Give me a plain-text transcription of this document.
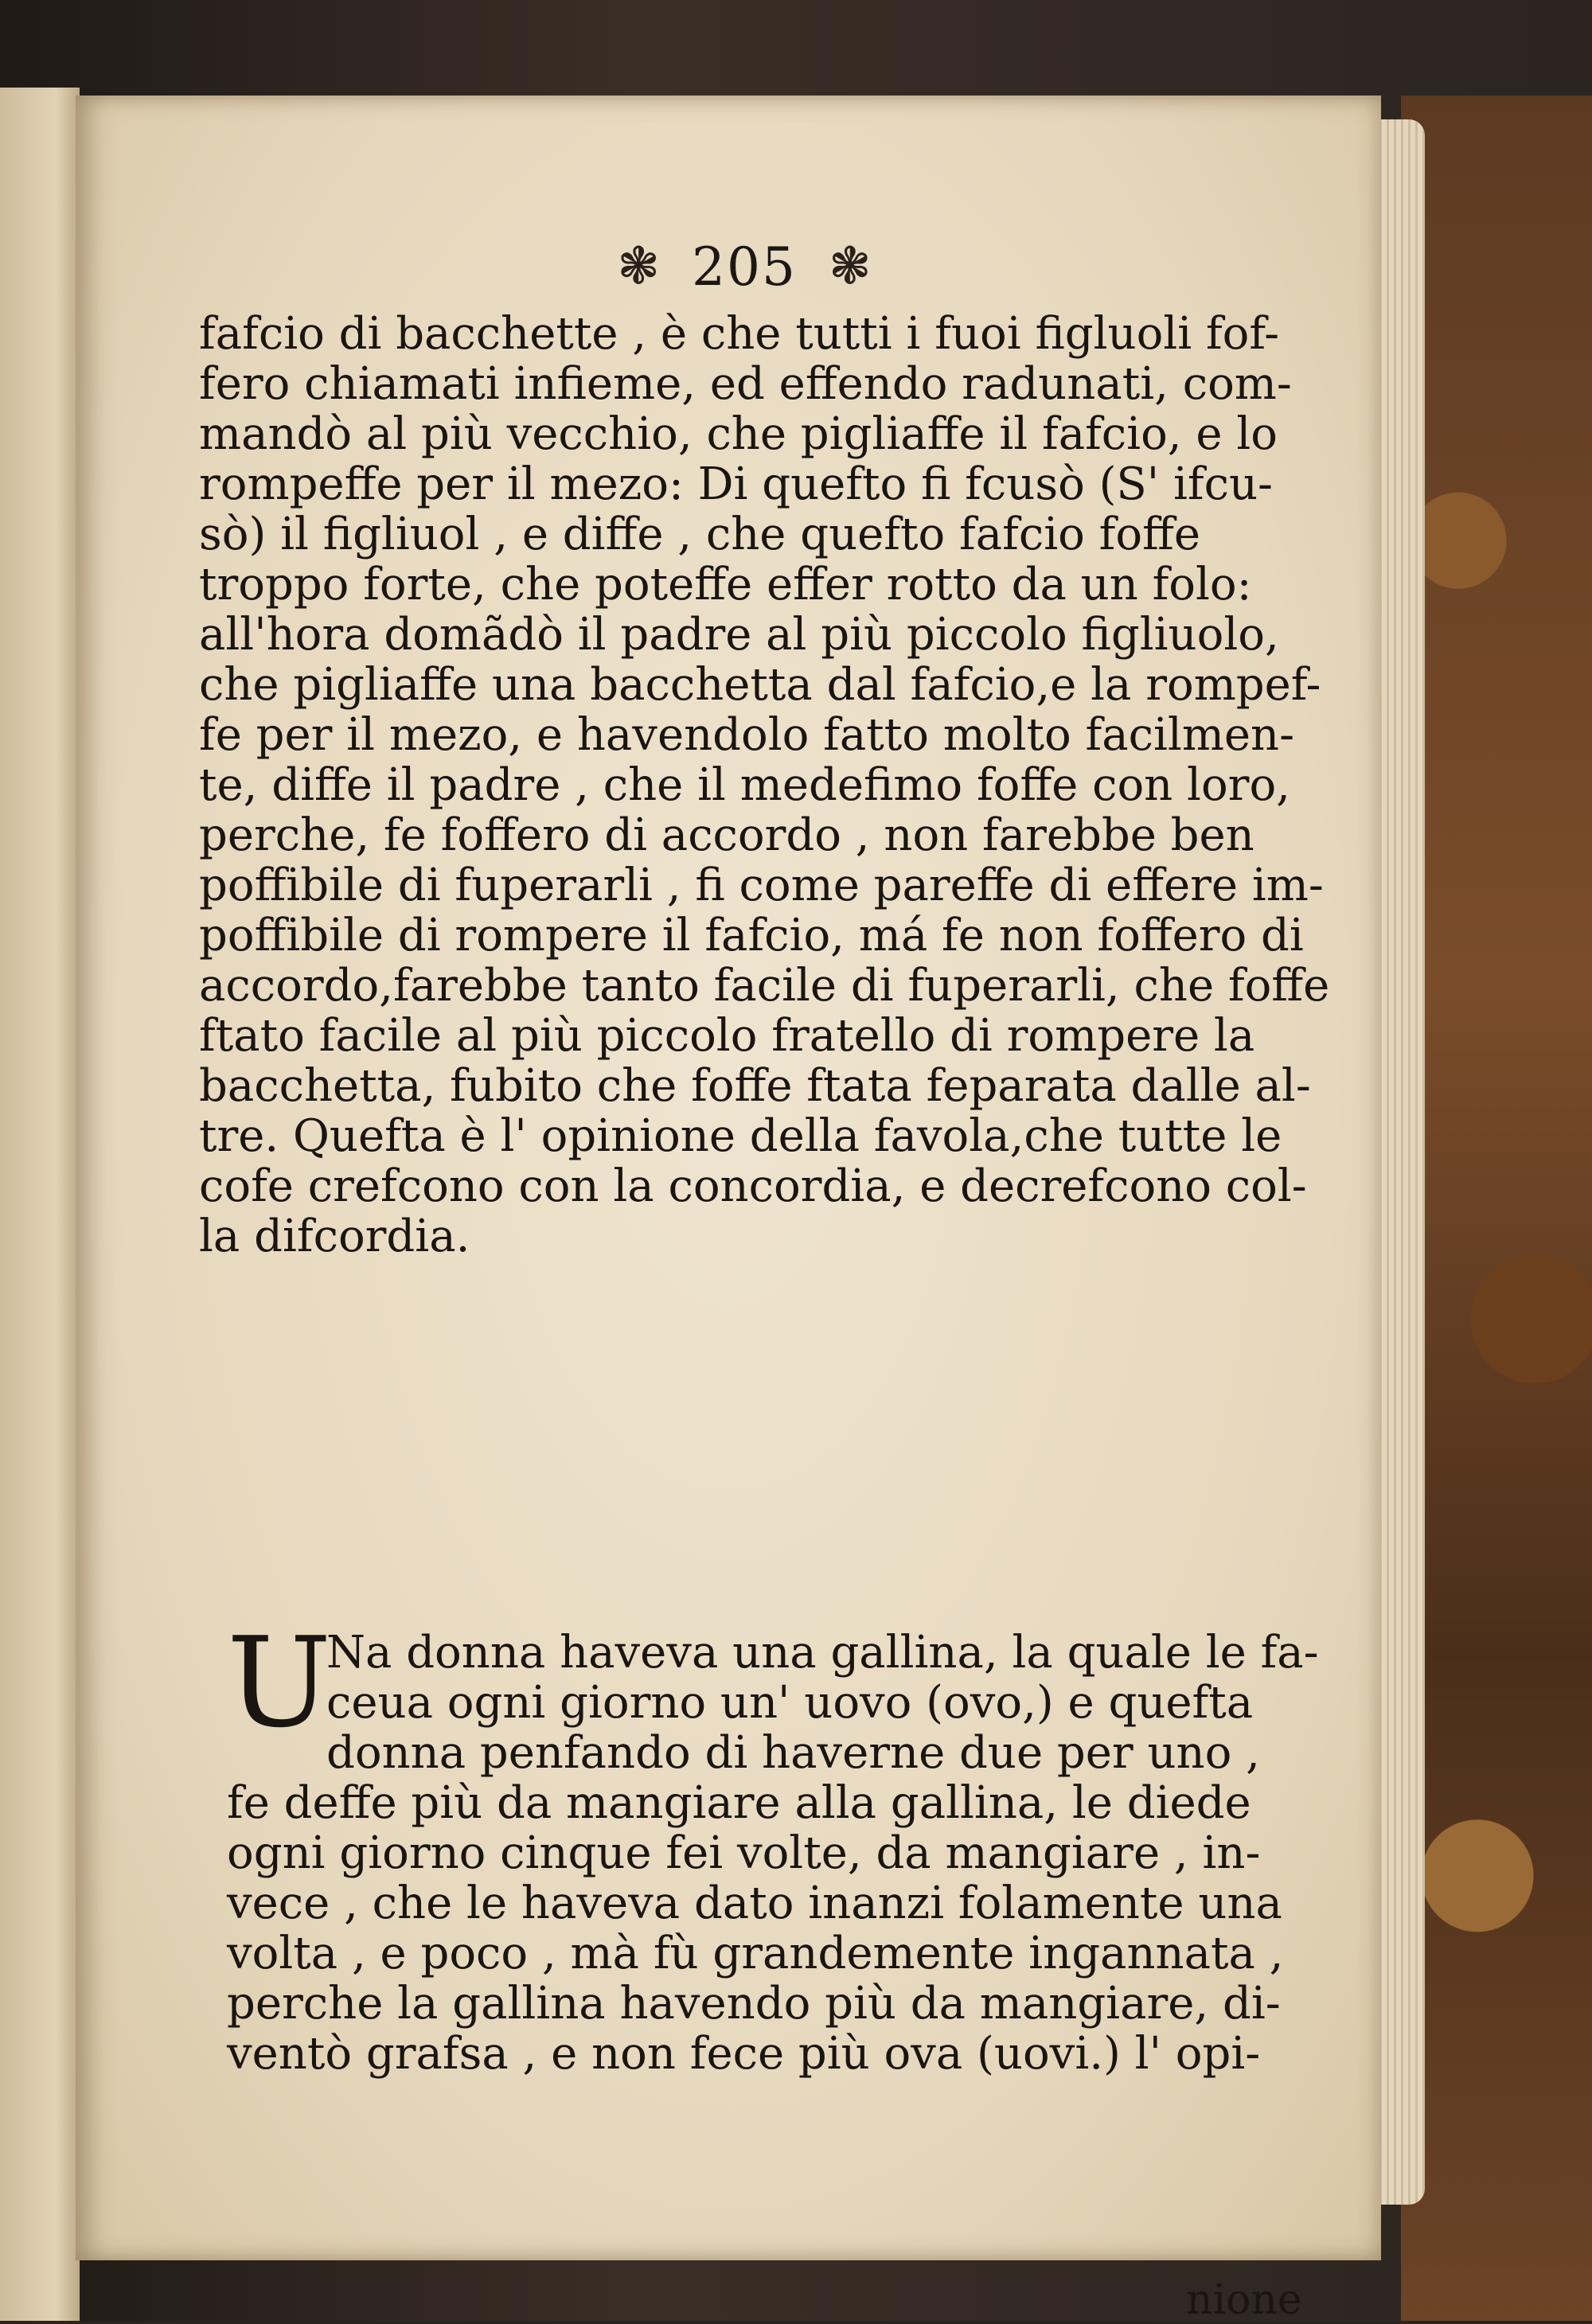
❃ 205 ❃
fafcio di bacchette , è che tutti i fuoi figluoli fof-
fero chiamati infieme, ed effendo radunati, com-
mandò al più vecchio, che pigliaffe il fafcio, e lo
rompeffe per il mezo: Di quefto fi fcusò (S' ifcu-
sò) il figliuol , e diffe , che quefto fafcio foffe
troppo forte, che poteffe effer rotto da un folo:
all'hora domãdò il padre al più piccolo figliuolo,
che pigliaffe una bacchetta dal fafcio,e la rompef-
fe per il mezo, e havendolo fatto molto facilmen-
te, diffe il padre , che il medefimo foffe con loro,
perche, fe foffero di accordo , non farebbe ben
poffibile di fuperarli , fi come pareffe di effere im-
poffibile di rompere il fafcio, má fe non foffero di
accordo,farebbe tanto facile di fuperarli, che foffe
ftato facile al più piccolo fratello di rompere la
bacchetta, fubito che foffe ftata feparata dalle al-
tre. Quefta è l' opinione della favola,che tutte le
cofe crefcono con la concordia, e decrefcono col-
la difcordia.
U
Na donna haveva una gallina, la quale le fa-
ceua ogni giorno un' uovo (ovo,) e quefta
donna penfando di haverne due per uno ,
fe deffe più da mangiare alla gallina, le diede
ogni giorno cinque fei volte, da mangiare , in-
vece , che le haveva dato inanzi folamente una
volta , e poco , mà fù grandemente ingannata ,
perche la gallina havendo più da mangiare, di-
ventò grafsa , e non fece più ova (uovi.) l' opi-
nione
